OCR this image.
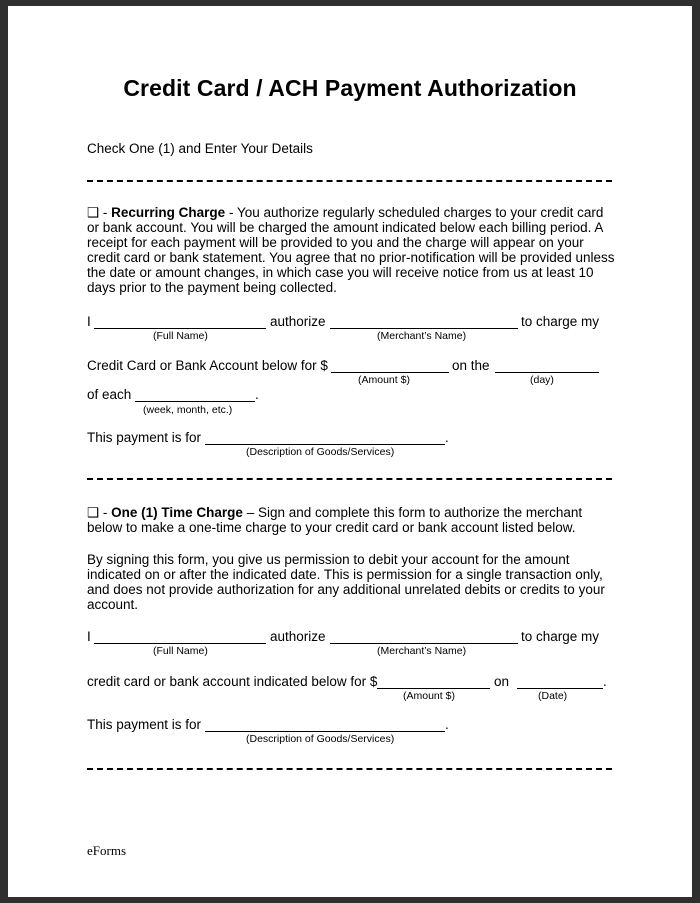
Credit Card / ACH Payment Authorization
Check One (1) and Enter Your Details
❑ - Recurring Charge - You authorize regularly scheduled charges to your credit card or bank account. You will be charged the amount indicated below each billing period. A receipt for each payment will be provided to you and the charge will appear on your credit card or bank statement. You agree that no prior-notification will be provided unless the date or amount changes, in which case you will receive notice from us at least 10 days prior to the payment being collected.
I	authorize	to charge my
(Full Name)	(Merchant’s Name)
Credit Card or Bank Account below for $	on the
(Amount $)	(day)
of each	.
(week, month, etc.)
This payment is for	.
(Description of Goods/Services)
❑ - One (1) Time Charge – Sign and complete this form to authorize the merchant below to make a one-time charge to your credit card or bank account listed below.
By signing this form, you give us permission to debit your account for the amount indicated on or after the indicated date. This is permission for a single transaction only, and does not provide authorization for any additional unrelated debits or credits to your account.
I	authorize	to charge my
(Full Name)	(Merchant’s Name)
credit card or bank account indicated below for $	on	.
(Amount $)	(Date)
This payment is for	.
(Description of Goods/Services)
eForms
